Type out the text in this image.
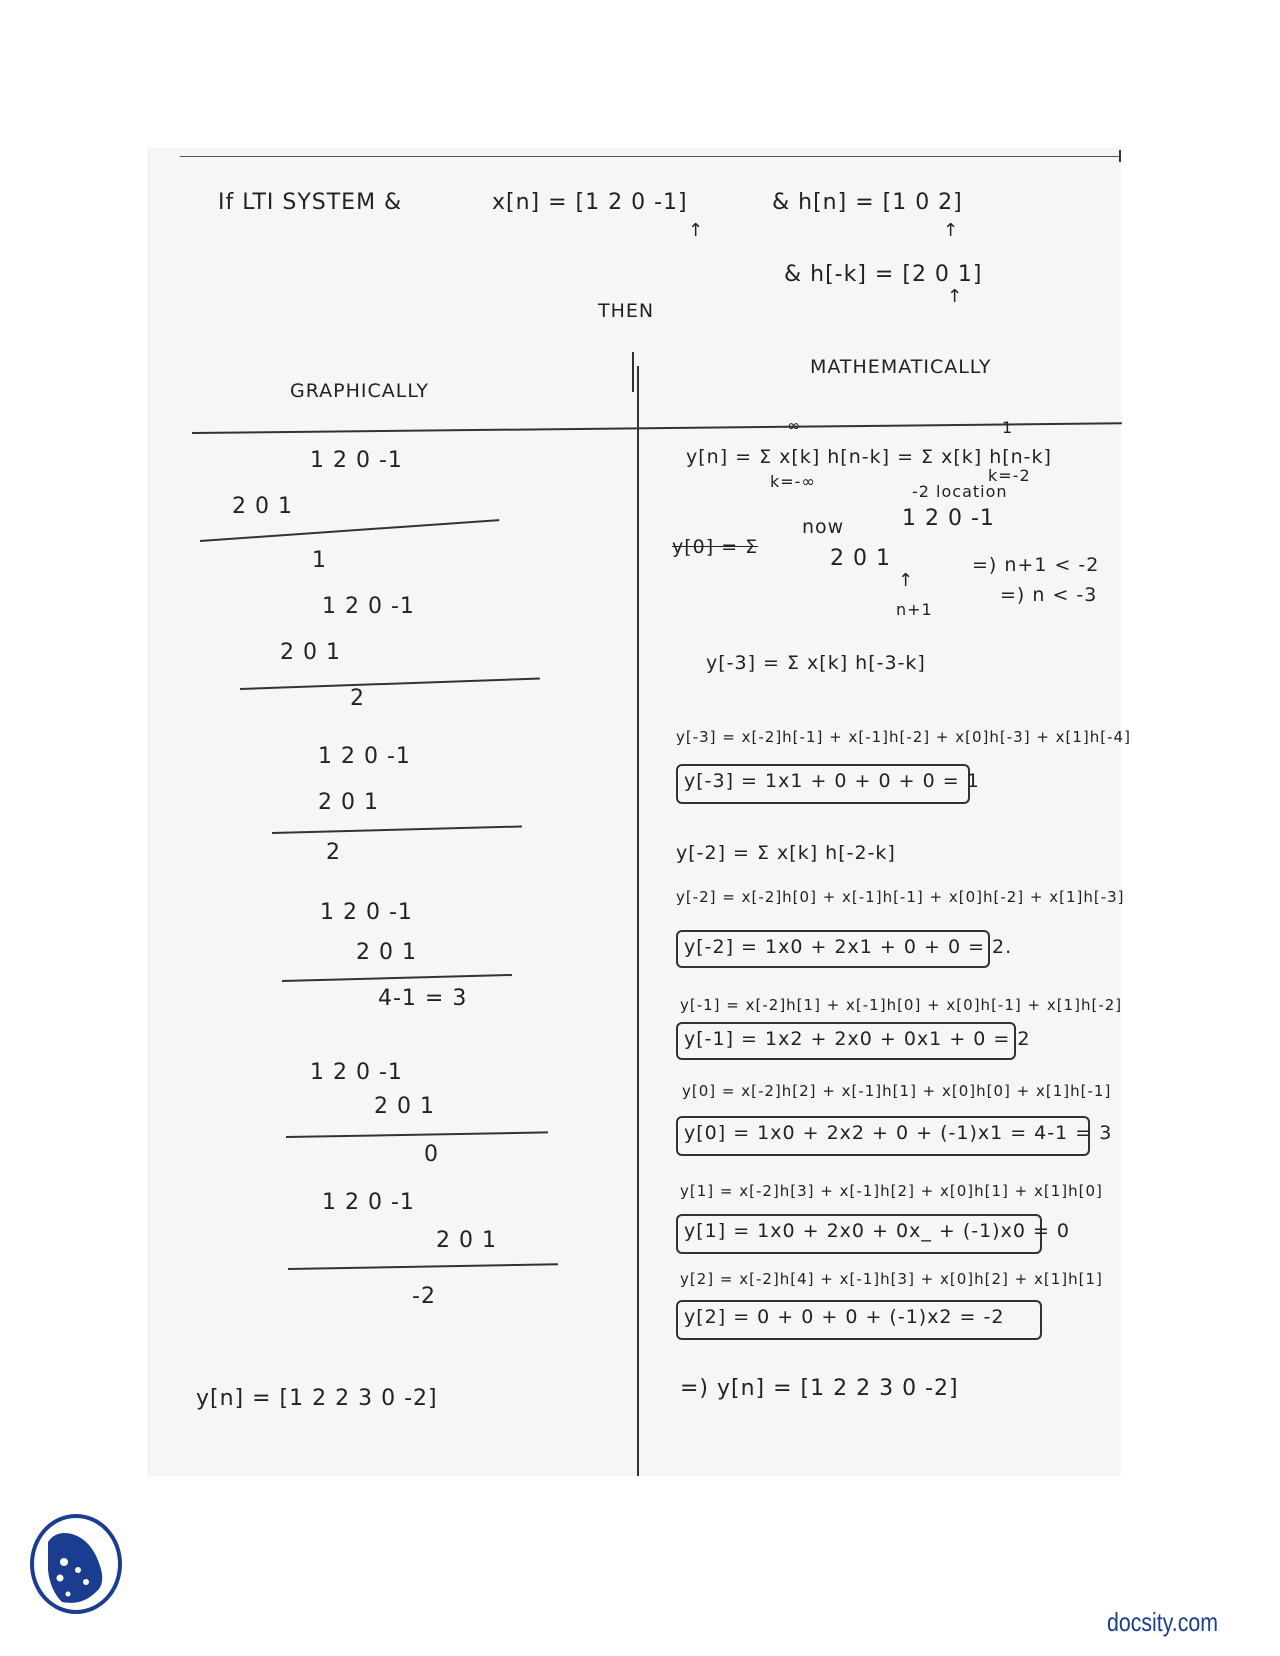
If LTI SYSTEM &	x[n] = [1 2 0 -1]
↑
& h[n] = [1 0 2]
↑
& h[-k] = [2 0 1]
↑
THEN
GRAPHICALLY
MATHEMATICALLY
1 2 0 -1
2 0 1
1
1 2 0 -1
2 0 1
2
1 2 0 -1
2 0 1
2
1 2 0 -1
2 0 1
4-1 = 3
1 2 0 -1
2 0 1
0
1 2 0 -1
2 0 1
-2
y[n] = [1 2 2 3 0 -2]
y[n] = Σ x[k] h[n-k] = Σ x[k] h[n-k]
∞
k=-∞
1
k=-2
-2 location
y[0] = Σ
now	1 2 0 -1
2 0 1
↑
n+1
=) n+1 < -2
=) n < -3
y[-3] = Σ x[k] h[-3-k]
y[-3] = x[-2]h[-1] + x[-1]h[-2] + x[0]h[-3] + x[1]h[-4]
y[-3] = 1x1 + 0 + 0 + 0 = 1
y[-2] = Σ x[k] h[-2-k]
y[-2] = x[-2]h[0] + x[-1]h[-1] + x[0]h[-2] + x[1]h[-3]
y[-2] = 1x0 + 2x1 + 0 + 0 = 2.
y[-1] = x[-2]h[1] + x[-1]h[0] + x[0]h[-1] + x[1]h[-2]
y[-1] = 1x2 + 2x0 + 0x1 + 0 = 2
y[0] = x[-2]h[2] + x[-1]h[1] + x[0]h[0] + x[1]h[-1]
y[0] = 1x0 + 2x2 + 0 + (-1)x1 = 4-1 = 3
y[1] = x[-2]h[3] + x[-1]h[2] + x[0]h[1] + x[1]h[0]
y[1] = 1x0 + 2x0 + 0x_ + (-1)x0 = 0
y[2] = x[-2]h[4] + x[-1]h[3] + x[0]h[2] + x[1]h[1]
y[2] = 0 + 0 + 0 + (-1)x2 = -2
=) y[n] = [1 2 2 3 0 -2]
docsity.com
